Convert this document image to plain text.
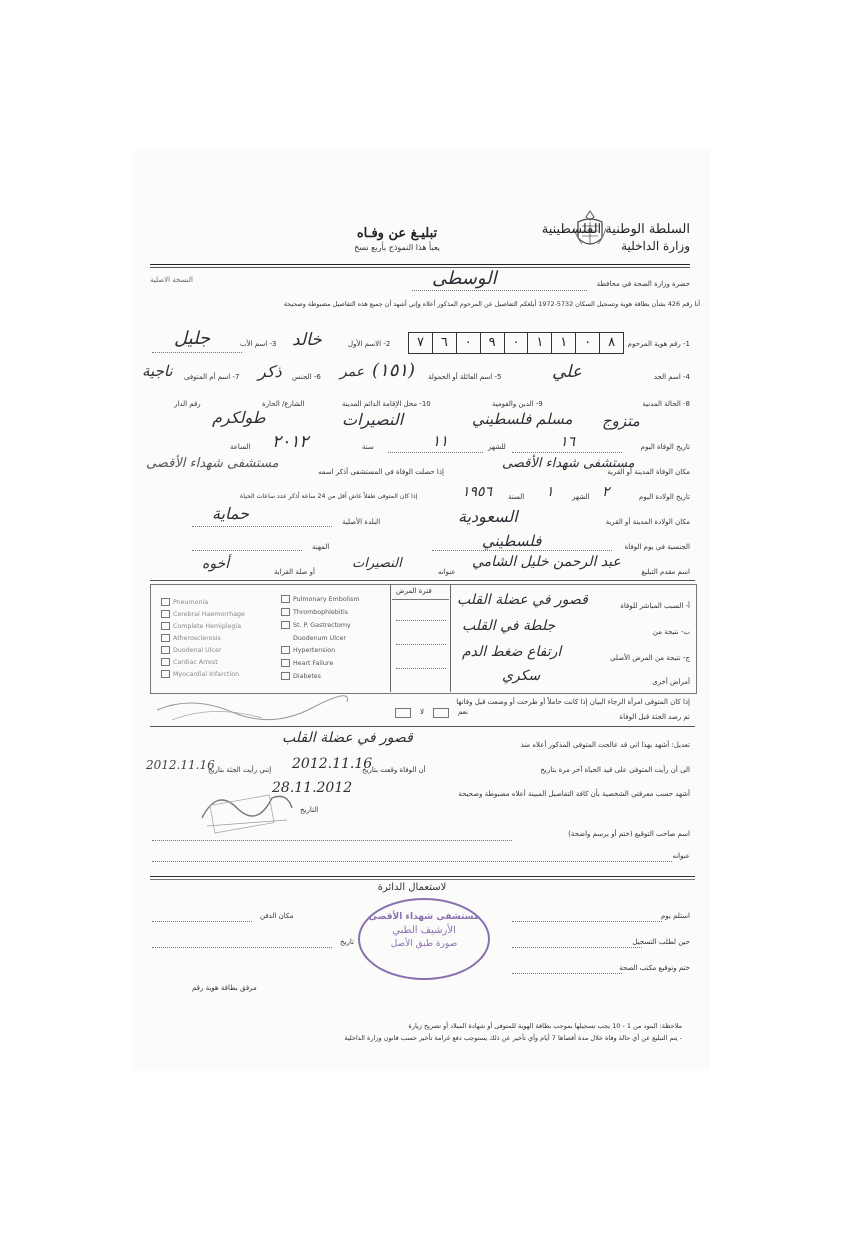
السلطة الوطنية الفلسطينية
وزارة الداخلية
تبليـغ عن وفـاه
يعبأ هذا النموذج بأربع نسخ
النسخة الاصلية	حضرة وزارة الصحة في محافظة
الوسطى
أنا رقم 426 بشأن بطاقة هوية وتسجيل السكان 5732-1972 أبلغكم التفاصيل عن المرحوم المذكور أعلاه وإني أشهد أن جميع هذه التفاصيل مضبوطة وصحيحة
1- رقم هوية المرحوم
٨
٠
١
١
٠
٩
٠
٦
٧
2- الاسم الأول
خالد
3- اسم الأب
جليل
4- اسم الجد
علي
5- اسم العائلة أو الحمولة
(١٥١)
عمر
6- الجنس
ذكر
7- اسم أم المتوفى
ناجية
8- الحالة المدنية
9- الدين والقومية
10- محل الإقامة الدائم المدينة
الشارع/ الحارة
رقم الدار
متزوج
مسلم فلسطيني
النصيرات
طولكرم
تاريخ الوفاة اليوم
١٦
للشهر
١١
سنة
٢٠١٢
الساعة
مكان الوفاة المدينة أو القرية
مستشفى شهداء الأقصى
إذا حصلت الوفاة في المستشفى أذكر اسمه
مستشفى شهداء الأقصى
تاريخ الولادة اليوم
٢
الشهر
١
السنة
١٩٥٦
إذا كان المتوفى طفلاً عاش أقل من 24 ساعة أذكر عدد ساعات الحياة
مكان الولادة المدينة أو القرية
السعودية
البلدة الأصلية
حماية
الجنسية في يوم الوفاة
فلسطيني
المهنة
اسم مقدم التبليغ
عبد الرحمن خليل الشامي
عنوانه
النصيرات
أو صلة القرابة
أخوه
فترة المرض
Pneumonia
Cerebral Haemorrhage
Complete Hemiplegia
Atherosclerosis
Duodenal Ulcer
Cardiac Arrest
Myocardial Infarction
Pulmonary Embolism
Thrombophlebitis
St. P. Gastrectomy
Duodenum Ulcer
Hypertension
Heart Failure
Diabetes
أ- السبب المباشر للوفاة
قصور في عضلة القلب
ب- نتيجة من
جلطة في القلب
ج- نتيجة من المرض الأصلي
ارتفاع ضغط الدم
أمراض أخرى
سكري
إذا كان المتوفى امرأة الرجاء البيان إذا كانت حاملاً أو طرحت أو وضعت قبل وفاتها
نعم
لا
تم رصد الجثة قبل الوفاة
تعديل: أشهد بهذا اني قد عالجت المتوفى المذكور أعلاه منذ
قصور في عضلة القلب
الى أن رأيت المتوفى على قيد الحياة آخر مرة بتاريخ
أن الوفاة وقعت بتاريخ
2012.11.16
إنني رأيت الجثة بتاريخ
2012.11.16
أشهد حسب معرفتي الشخصية بأن كافة التفاصيل المبينة أعلاه مضبوطة وصحيحة
28.11.2012
التاريخ
اسم صاحب التوقيع (ختم أو يرسم واضحة)
عنوانه
لاستعمال الدائرة
استلم يوم
مكان الدفن
حين لطلب التسجيل
تاريخ
ختم وتوقيع مكتب الصحة
مرفق بطاقة هوية رقم
مستشفى شهداء الأقصى
الأرشيف الطبي
صورة طبق الأصل
ملاحظة: البنود من 1 - 10 يجب تسجيلها بموجب بطاقة الهوية للمتوفى أو شهادة الميلاد أو تصريح زيارة
- يتم التبليغ عن أي حالة وفاة خلال مدة أقصاها 7 أيام وأي تأخير عن ذلك يستوجب دفع غرامة تأخير حسب قانون وزارة الداخلية
